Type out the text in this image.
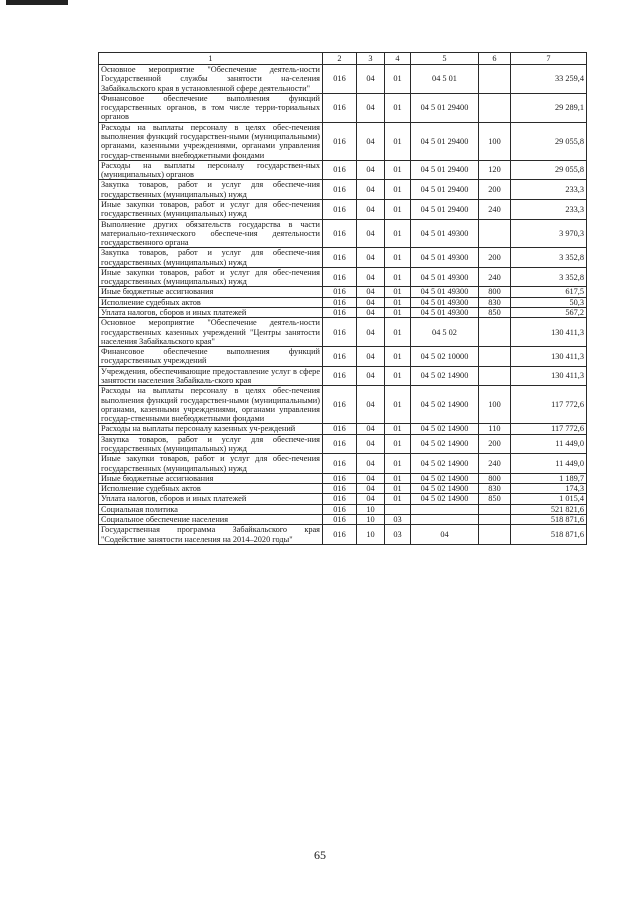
1	2	3	4	5	6	7
Основное мероприятие "Обеспечение деятель-ности Государственной службы занятости на-селения Забайкальского края в установленной сфере деятельности"	016	04	01	04 5 01		33 259,4
Финансовое обеспечение выполнения функций государственных органов, в том числе терри-ториальных органов	016	04	01	04 5 01 29400		29 289,1
Расходы на выплаты персоналу в целях обес-печения выполнения функций государствен-ными (муниципальными) органами, казенными учреждениями, органами управления государ-ственными внебюджетными фондами	016	04	01	04 5 01 29400	100	29 055,8
Расходы на выплаты персоналу государствен-ных (муниципальных) органов	016	04	01	04 5 01 29400	120	29 055,8
Закупка товаров, работ и услуг для обеспече-ния государственных (муниципальных) нужд	016	04	01	04 5 01 29400	200	233,3
Иные закупки товаров, работ и услуг для обес-печения государственных (муниципальных) нужд	016	04	01	04 5 01 29400	240	233,3
Выполнение других обязательств государства в части материально-технического обеспече-ния деятельности государственного органа	016	04	01	04 5 01 49300		3 970,3
Закупка товаров, работ и услуг для обеспече-ния государственных (муниципальных) нужд	016	04	01	04 5 01 49300	200	3 352,8
Иные закупки товаров, работ и услуг для обес-печения государственных (муниципальных) нужд	016	04	01	04 5 01 49300	240	3 352,8
Иные бюджетные ассигнования	016	04	01	04 5 01 49300	800	617,5
Исполнение судебных актов	016	04	01	04 5 01 49300	830	50,3
Уплата налогов, сборов и иных платежей	016	04	01	04 5 01 49300	850	567,2
Основное мероприятие "Обеспечение деятель-ности государственных казенных учреждений "Центры занятости населения Забайкальского края"	016	04	01	04 5 02		130 411,3
Финансовое обеспечение выполнения функций государственных учреждений	016	04	01	04 5 02 10000		130 411,3
Учреждения, обеспечивающие предоставление услуг в сфере занятости населения Забайкаль-ского края	016	04	01	04 5 02 14900		130 411,3
Расходы на выплаты персоналу в целях обес-печения выполнения функций государствен-ными (муниципальными) органами, казенными учреждениями, органами управления государ-ственными внебюджетными фондами	016	04	01	04 5 02 14900	100	117 772,6
Расходы на выплаты персоналу казенных уч-реждений	016	04	01	04 5 02 14900	110	117 772,6
Закупка товаров, работ и услуг для обеспече-ния государственных (муниципальных) нужд	016	04	01	04 5 02 14900	200	11 449,0
Иные закупки товаров, работ и услуг для обес-печения государственных (муниципальных) нужд	016	04	01	04 5 02 14900	240	11 449,0
Иные бюджетные ассигнования	016	04	01	04 5 02 14900	800	1 189,7
Исполнение судебных актов	016	04	01	04 5 02 14900	830	174,3
Уплата налогов, сборов и иных платежей	016	04	01	04 5 02 14900	850	1 015,4
Социальная политика	016	10				521 821,6
Социальное обеспечение населения	016	10	03			518 871,6
Государственная программа Забайкальского края "Содействие занятости населения на 2014–2020 годы"	016	10	03	04		518 871,6
65
